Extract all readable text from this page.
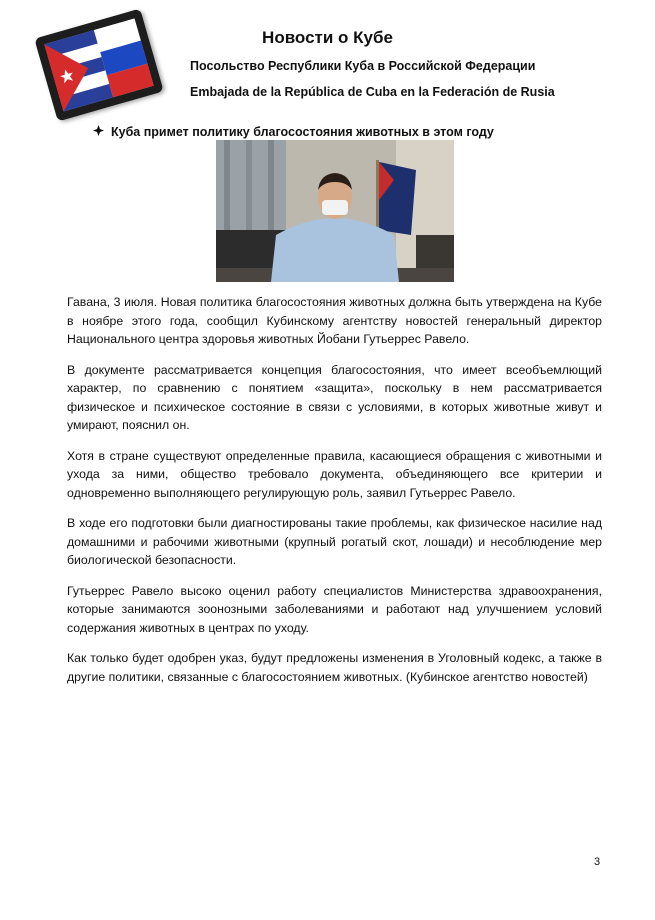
Новости о Кубе
Посольство Республики Куба в Российской Федерации
Embajada de la República de Cuba en la Federación de Rusia
Куба примет политику благосостояния животных в этом году

Гавана, 3 июля. Новая политика благосостояния животных должна быть утверждена на Кубе в ноябре этого года, сообщил Кубинскому агентству новостей генеральный директор Национального центра здоровья животных Йобани Гутьеррес Равело.

В документе рассматривается концепция благосостояния, что имеет всеобъемлющий характер, по сравнению с понятием «защита», поскольку в нем рассматривается физическое и психическое состояние в связи с условиями, в которых животные живут и умирают, пояснил он.

Хотя в стране существуют определенные правила, касающиеся обращения с животными и ухода за ними, общество требовало документа, объединяющего все критерии и одновременно выполняющего регулирующую роль, заявил Гутьеррес Равело.

В ходе его подготовки были диагностированы такие проблемы, как физическое насилие над домашними и рабочими животными (крупный рогатый скот, лошади) и несоблюдение мер биологической безопасности.

Гутьеррес Равело высоко оценил работу специалистов Министерства здравоохранения, которые занимаются зоонозными заболеваниями и работают над улучшением условий содержания животных в центрах по уходу.

Как только будет одобрен указ, будут предложены изменения в Уголовный кодекс, а также в другие политики, связанные с благосостоянием животных. (Кубинское агентство новостей)

3
